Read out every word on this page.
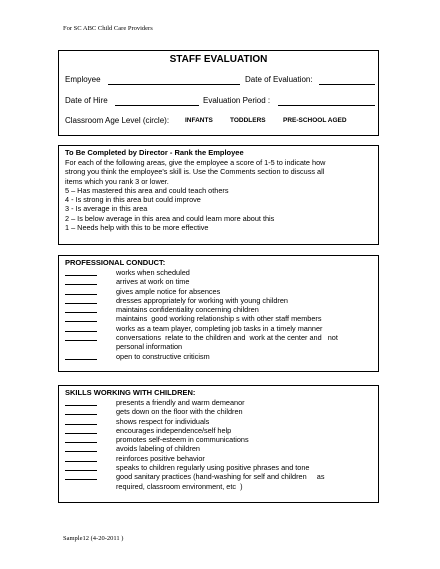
For SC ABC Child Care Providers
STAFF EVALUATION
Employee	Date of Evaluation:
Date of Hire	Evaluation Period :
Classroom Age Level (circle): INFANTS	TODDLERS	PRE-SCHOOL AGED
To Be Completed by Director - Rank the Employee
For each of the following areas, give the employee a score of 1-5 to indicate how
strong you think the employee's skill is. Use the Comments section to discuss all
items which you rank 3 or lower.
5 – Has mastered this area and could teach others
4 - Is strong in this area but could improve
3 - Is average in this area
2 – Is below average in this area and could learn more about this
1 – Needs help with this to be more effective
PROFESSIONAL CONDUCT:
works when scheduled
arrives at work on time
gives ample notice for absences
dresses appropriately for working with young children
maintains confidentiality concerning children
maintains  good working relationship s with other staff members
works as a team player, completing job tasks in a timely manner
conversations  relate to the children and  work at the center and   not
personal information
open to constructive criticism
SKILLS WORKING WITH CHILDREN:
presents a friendly and warm demeanor
gets down on the floor with the children
shows respect for individuals
encourages independence/self help
promotes self-esteem in communications
avoids labeling of children
reinforces positive behavior
speaks to children regularly using positive phrases and tone
good sanitary practices (hand-washing for self and children     as
required, classroom environment, etc  )
Sample12 (4-20-2011 )
